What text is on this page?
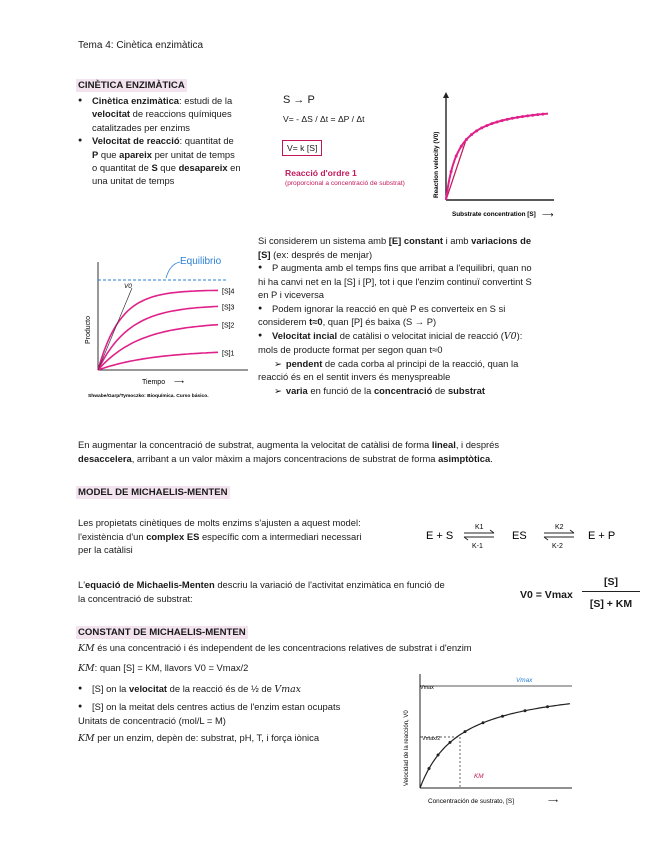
Tema 4: Cinètica enzimàtica
CINÈTICA ENZIMÀTICA
● Cinètica enzimàtica: estudi de la
velocitat de reaccions químiques
catalitzades per enzims
● Velocitat de reacció: quantitat de
P que apareix per unitat de temps
o quantitat de S que desapareix en
una unitat de temps
S → P
V= - ΔS / Δt = ΔP / Δt
V= k [S]
Reacció d'ordre 1
(proporcional a concentració de substrat)	Reaction velocity (V0)
Substrate concentration [S] ⟶
Equilibrio
[S]4
[S]3
[S]2
[S]1
V0
Producto
Tiempo ⟶
Shwabe/Garp/Tymoczko: Bioquímica. Curso básico.
Si considerem un sistema amb [E] constant i amb variacions de
[S] (ex: després de menjar)
● P augmenta amb el temps fins que arribat a l'equilibri, quan no
hi ha canvi net en la [S] i [P], tot i que l'enzim continuï convertint S
en P i viceversa
● Podem ignorar la reacció en què P es converteix en S si
considerem t≈0, quan [P] és baixa (S → P)
● Velocitat incial de catàlisi o velocitat inicial de reacció (V0):
mols de producte format per segon quan t≈0
➢ pendent de cada corba al principi de la reacció, quan la
reacció és en el sentit invers és menyspreable
➢ varia en funció de la concentració de substrat
En augmentar la concentració de substrat, augmenta la velocitat de catàlisi de forma lineal, i després
desaccelera, arribant a un valor màxim a majors concentracions de substrat de forma asimptòtica.
MODEL DE MICHAELIS-MENTEN
Les propietats cinètiques de molts enzims s'ajusten a aquest model:
l'existència d'un complex ES específic com a intermediari necessari
per la catàlisi
E + S
K1
K-1
ES
K2
K-2
E + P
L'equació de Michaelis-Menten descriu la variació de l'activitat enzimàtica en funció de
la concentració de substrat:	V0 = Vmax
[S]
[S] + KM
CONSTANT DE MICHAELIS-MENTEN
KM és una concentració i és independent de les concentracions relatives de substrat i d'enzim
KM: quan [S] = KM, llavors V0 = Vmax/2
● [S] on la velocitat de la reacció és de ½ de Vmax
● [S] on la meitat dels centres actius de l'enzim estan ocupats
Unitats de concentració (mol/L = M)
KM per un enzim, depèn de: substrat, pH, T, i força iònica
Vmax
Vmax
Vmax/2
KM
Velocidad de la reacción, V0
Concentración de sustrato, [S]	⟶
